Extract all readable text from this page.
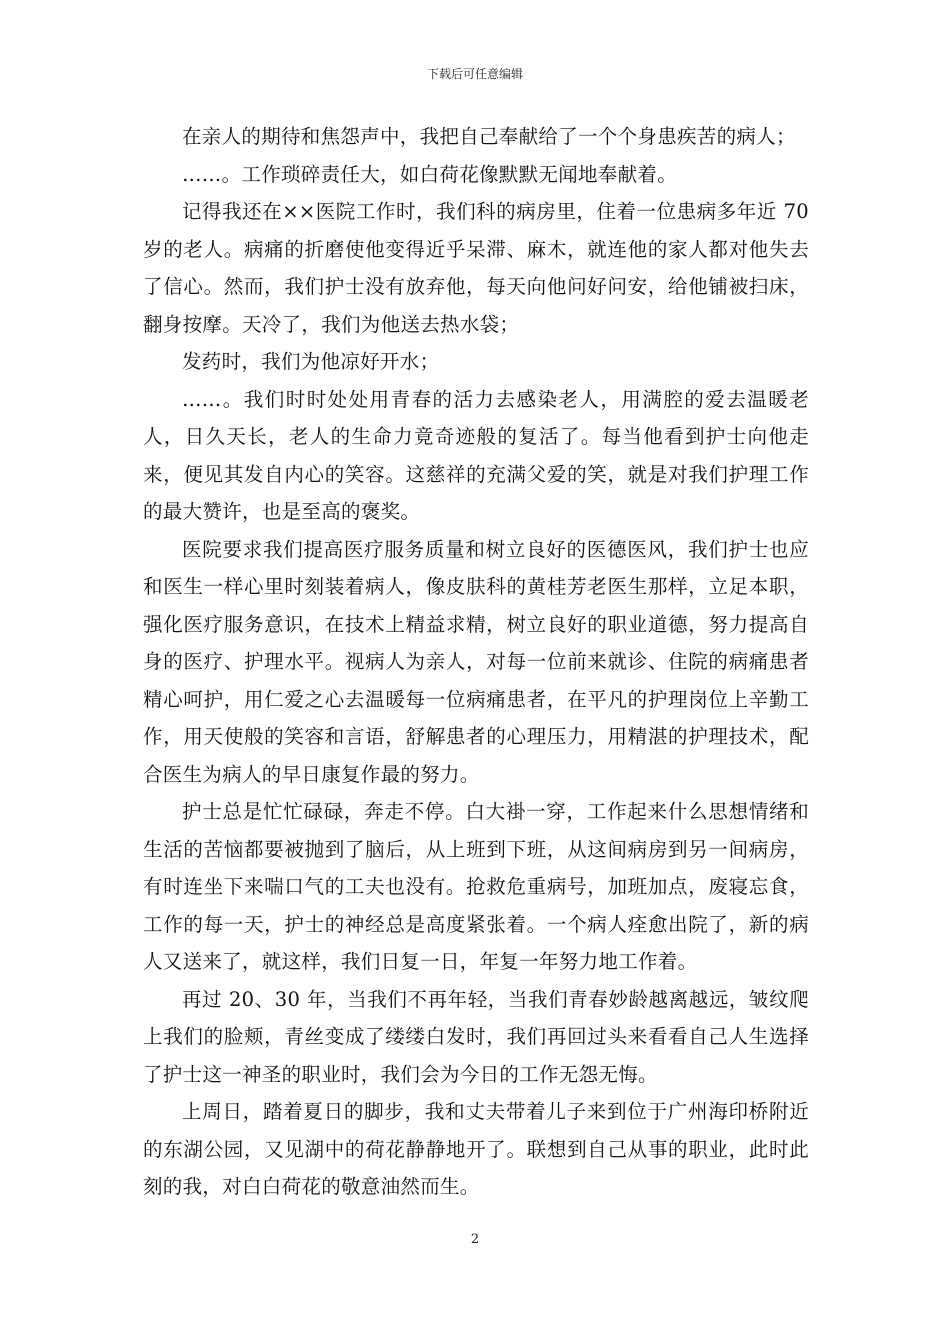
下载后可任意编辑

在亲人的期待和焦怨声中，我把自己奉献给了一个个身患疾苦的病人；

……。工作琐碎责任大，如白荷花像默默无闻地奉献着。

记得我还在××医院工作时，我们科的病房里，住着一位患病多年近 70 岁的老人。病痛的折磨使他变得近乎呆滞、麻木，就连他的家人都对他失去了信心。然而，我们护士没有放弃他，每天向他问好问安，给他铺被扫床，翻身按摩。天冷了，我们为他送去热水袋；

发药时，我们为他凉好开水；

……。我们时时处处用青春的活力去感染老人，用满腔的爱去温暖老人，日久天长，老人的生命力竟奇迹般的复活了。每当他看到护士向他走来，便见其发自内心的笑容。这慈祥的充满父爱的笑，就是对我们护理工作的最大赞许，也是至高的褒奖。

医院要求我们提高医疗服务质量和树立良好的医德医风，我们护士也应和医生一样心里时刻装着病人，像皮肤科的黄桂芳老医生那样，立足本职，强化医疗服务意识，在技术上精益求精，树立良好的职业道德，努力提高自身的医疗、护理水平。视病人为亲人，对每一位前来就诊、住院的病痛患者精心呵护，用仁爱之心去温暖每一位病痛患者，在平凡的护理岗位上辛勤工作，用天使般的笑容和言语，舒解患者的心理压力，用精湛的护理技术，配合医生为病人的早日康复作最的努力。

护士总是忙忙碌碌，奔走不停。白大褂一穿，工作起来什么思想情绪和生活的苦恼都要被抛到了脑后，从上班到下班，从这间病房到另一间病房，有时连坐下来喘口气的工夫也没有。抢救危重病号，加班加点，废寝忘食，工作的每一天，护士的神经总是高度紧张着。一个病人痊愈出院了，新的病人又送来了，就这样，我们日复一日，年复一年努力地工作着。

再过 20、30 年，当我们不再年轻，当我们青春妙龄越离越远，皱纹爬上我们的脸颊，青丝变成了缕缕白发时，我们再回过头来看看自己人生选择了护士这一神圣的职业时，我们会为今日的工作无怨无悔。

上周日，踏着夏日的脚步，我和丈夫带着儿子来到位于广州海印桥附近的东湖公园，又见湖中的荷花静静地开了。联想到自己从事的职业，此时此刻的我，对白白荷花的敬意油然而生。

2
